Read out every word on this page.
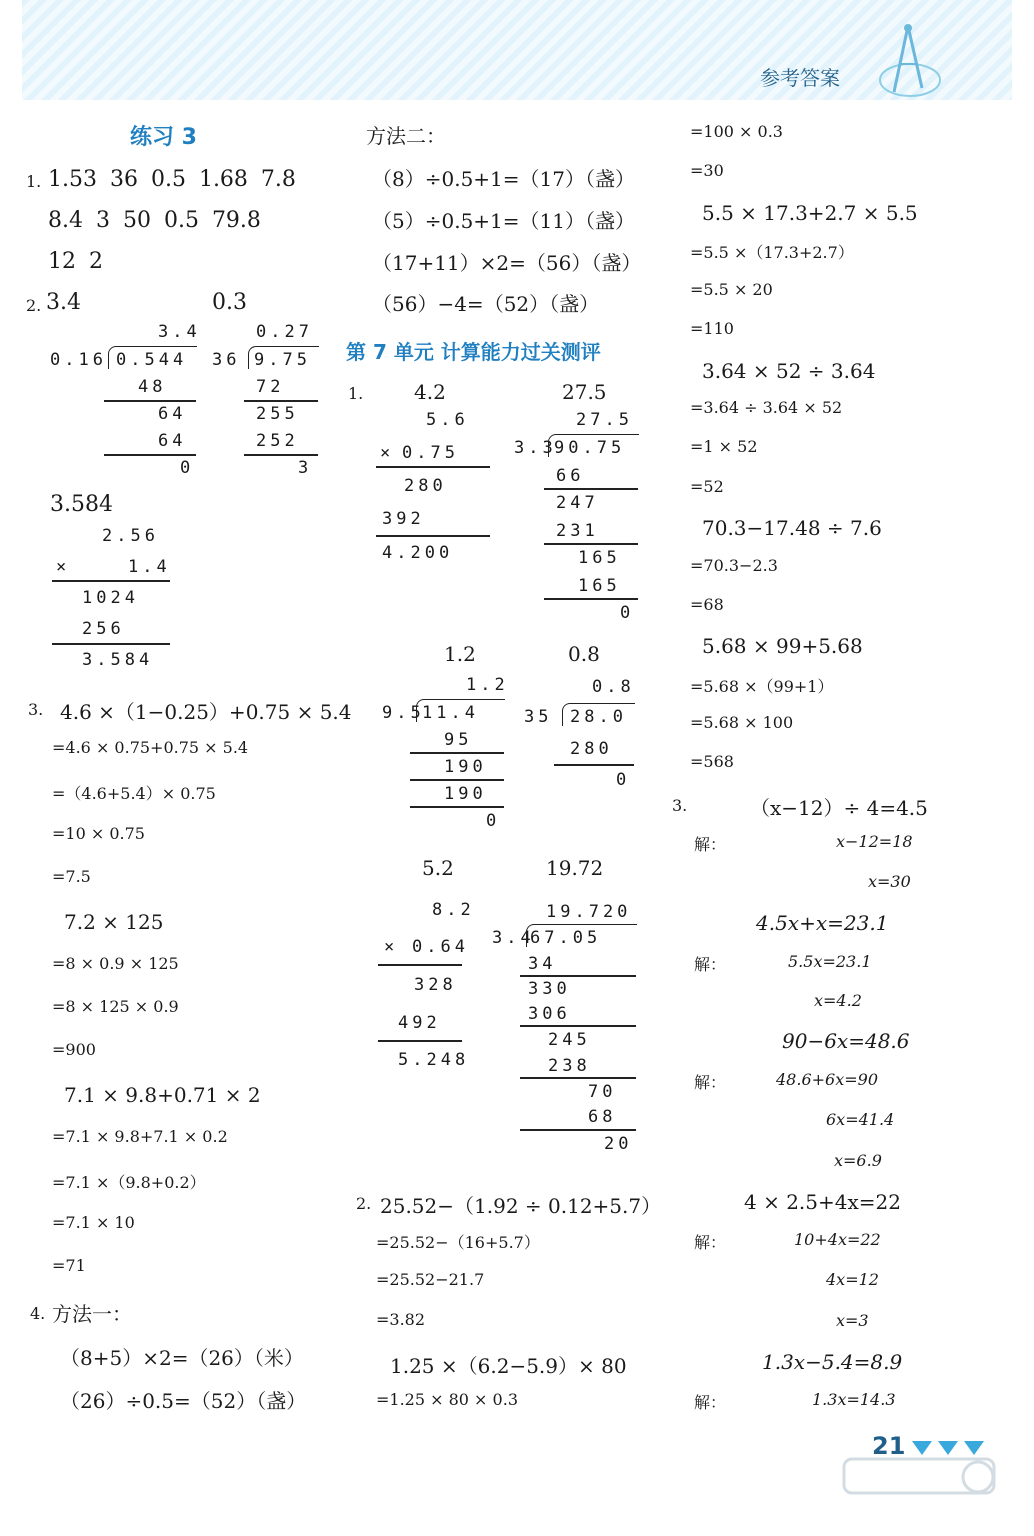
参考答案
练习 3
1. 1.53 36 0.5 1.68 7.8
8.4 3 50 0.5 79.8
12 2
2. 3.4	0.3
3.4
0.16 0.544
48
64
64
0
0.27
36 9.75
72
255
252
3
3.584
2.56
×	1.4
1024
256
3.584
3. 4.6 ×（1−0.25）+0.75 × 5.4
=4.6 × 0.75+0.75 × 5.4
=（4.6+5.4）× 0.75
=10 × 0.75
=7.5
7.2 × 125
=8 × 0.9 × 125
=8 × 125 × 0.9
=900
7.1 × 9.8+0.71 × 2
=7.1 × 9.8+7.1 × 0.2
=7.1 ×（9.8+0.2）
=7.1 × 10
=71
4. 方法一：
（8+5）×2=（26）（米）
（26）÷0.5=（52）（盏）
方法二：
（8）÷0.5+1=（17）（盏）
（5）÷0.5+1=（11）（盏）
（17+11）×2=（56）（盏）
（56）−4=（52）（盏）
第 7 单元 计算能力过关测评
1.	4.2	27.5
5.6
× 0.75
280
392
4.200
27.5
3.3
90.75
66
247
231
165
165
0
1.2	0.8
1.2
9.5
11.4
95
190
190
0
0.8
35 28.0
280
0
5.2	19.72
8.2
× 0.64
328
492
5.248
19.720
3.4
67.05
34
330
306
245
238
70
68
20
2. 25.52−（1.92 ÷ 0.12+5.7）
=25.52−（16+5.7）
=25.52−21.7
=3.82
1.25 ×（6.2−5.9）× 80
=1.25 × 80 × 0.3
=100 × 0.3
=30
5.5 × 17.3+2.7 × 5.5
=5.5 ×（17.3+2.7）
=5.5 × 20
=110
3.64 × 52 ÷ 3.64
=3.64 ÷ 3.64 × 52
=1 × 52
=52
70.3−17.48 ÷ 7.6
=70.3−2.3
=68
5.68 × 99+5.68
=5.68 ×（99+1）
=5.68 × 100
=568
3.	（x−12）÷ 4=4.5
解：	x−12=18
x=30
4.5x+x=23.1
解：	5.5x=23.1
x=4.2
90−6x=48.6
解：	48.6+6x=90
6x=41.4
x=6.9
4 × 2.5+4x=22
解：	10+4x=22
4x=12
x=3
1.3x−5.4=8.9
解：	1.3x=14.3
21
